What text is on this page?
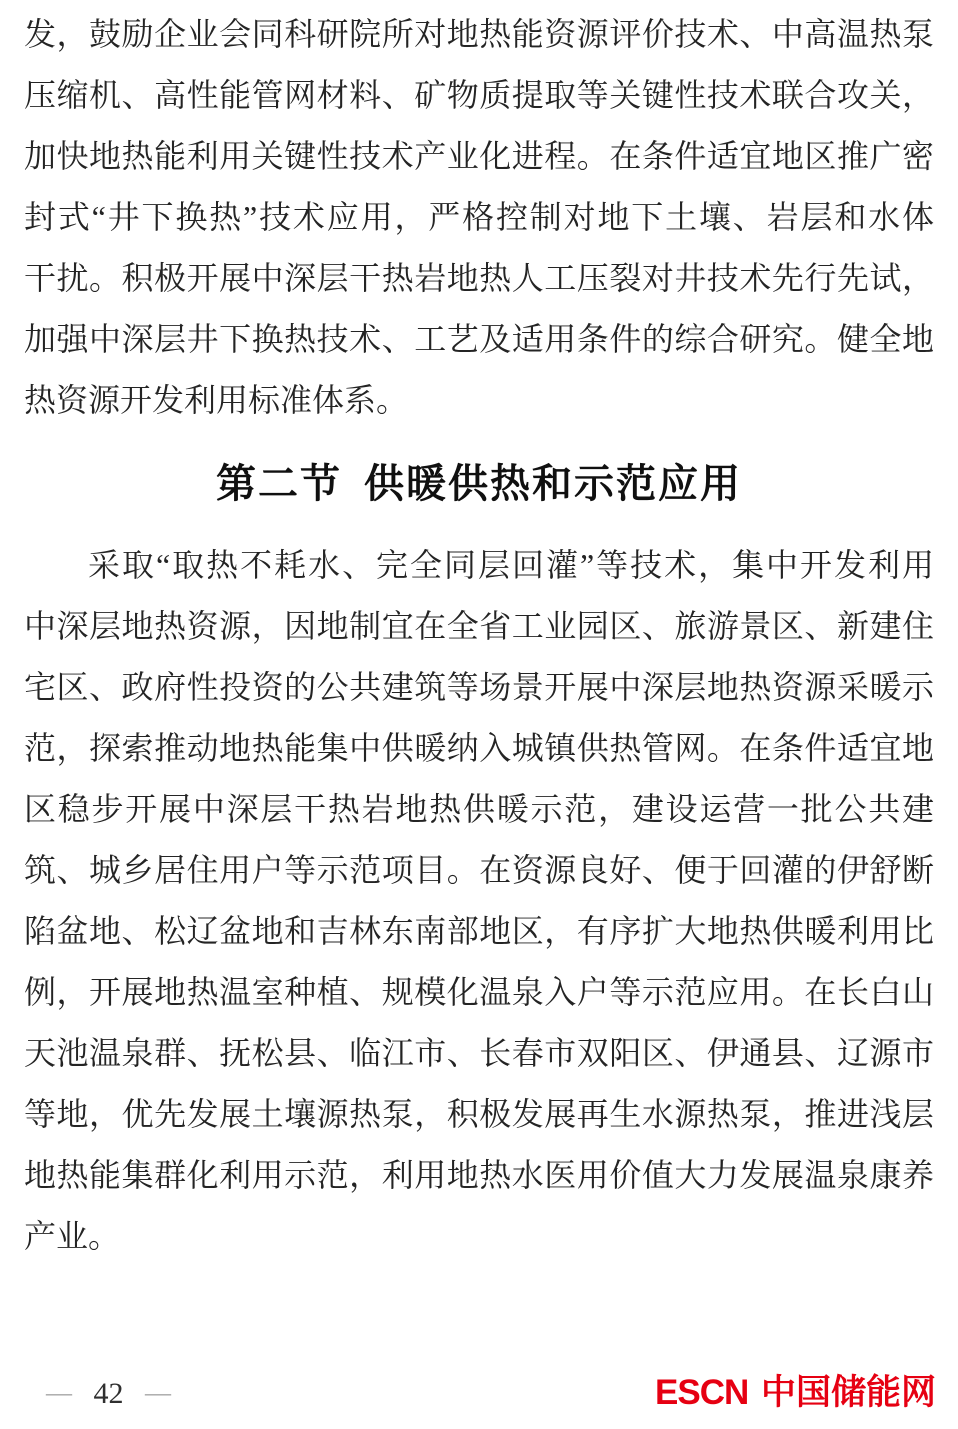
发，鼓励企业会同科研院所对地热能资源评价技术、中高温热泵
压缩机、高性能管网材料、矿物质提取等关键性技术联合攻关，
加快地热能利用关键性技术产业化进程。在条件适宜地区推广密
封式“井下换热”技术应用，严格控制对地下土壤、岩层和水体
干扰。积极开展中深层干热岩地热人工压裂对井技术先行先试，
加强中深层井下换热技术、工艺及适用条件的综合研究。健全地
热资源开发利用标准体系。
第二节 供暖供热和示范应用
采取“取热不耗水、完全同层回灌”等技术，集中开发利用
中深层地热资源，因地制宜在全省工业园区、旅游景区、新建住
宅区、政府性投资的公共建筑等场景开展中深层地热资源采暖示
范，探索推动地热能集中供暖纳入城镇供热管网。在条件适宜地
区稳步开展中深层干热岩地热供暖示范，建设运营一批公共建
筑、城乡居住用户等示范项目。在资源良好、便于回灌的伊舒断
陷盆地、松辽盆地和吉林东南部地区，有序扩大地热供暖利用比
例，开展地热温室种植、规模化温泉入户等示范应用。在长白山
天池温泉群、抚松县、临江市、长春市双阳区、伊通县、辽源市
等地，优先发展土壤源热泵，积极发展再生水源热泵，推进浅层
地热能集群化利用示范，利用地热水医用价值大力发展温泉康养
产业。
— 42 —	ESCN 中国储能网
